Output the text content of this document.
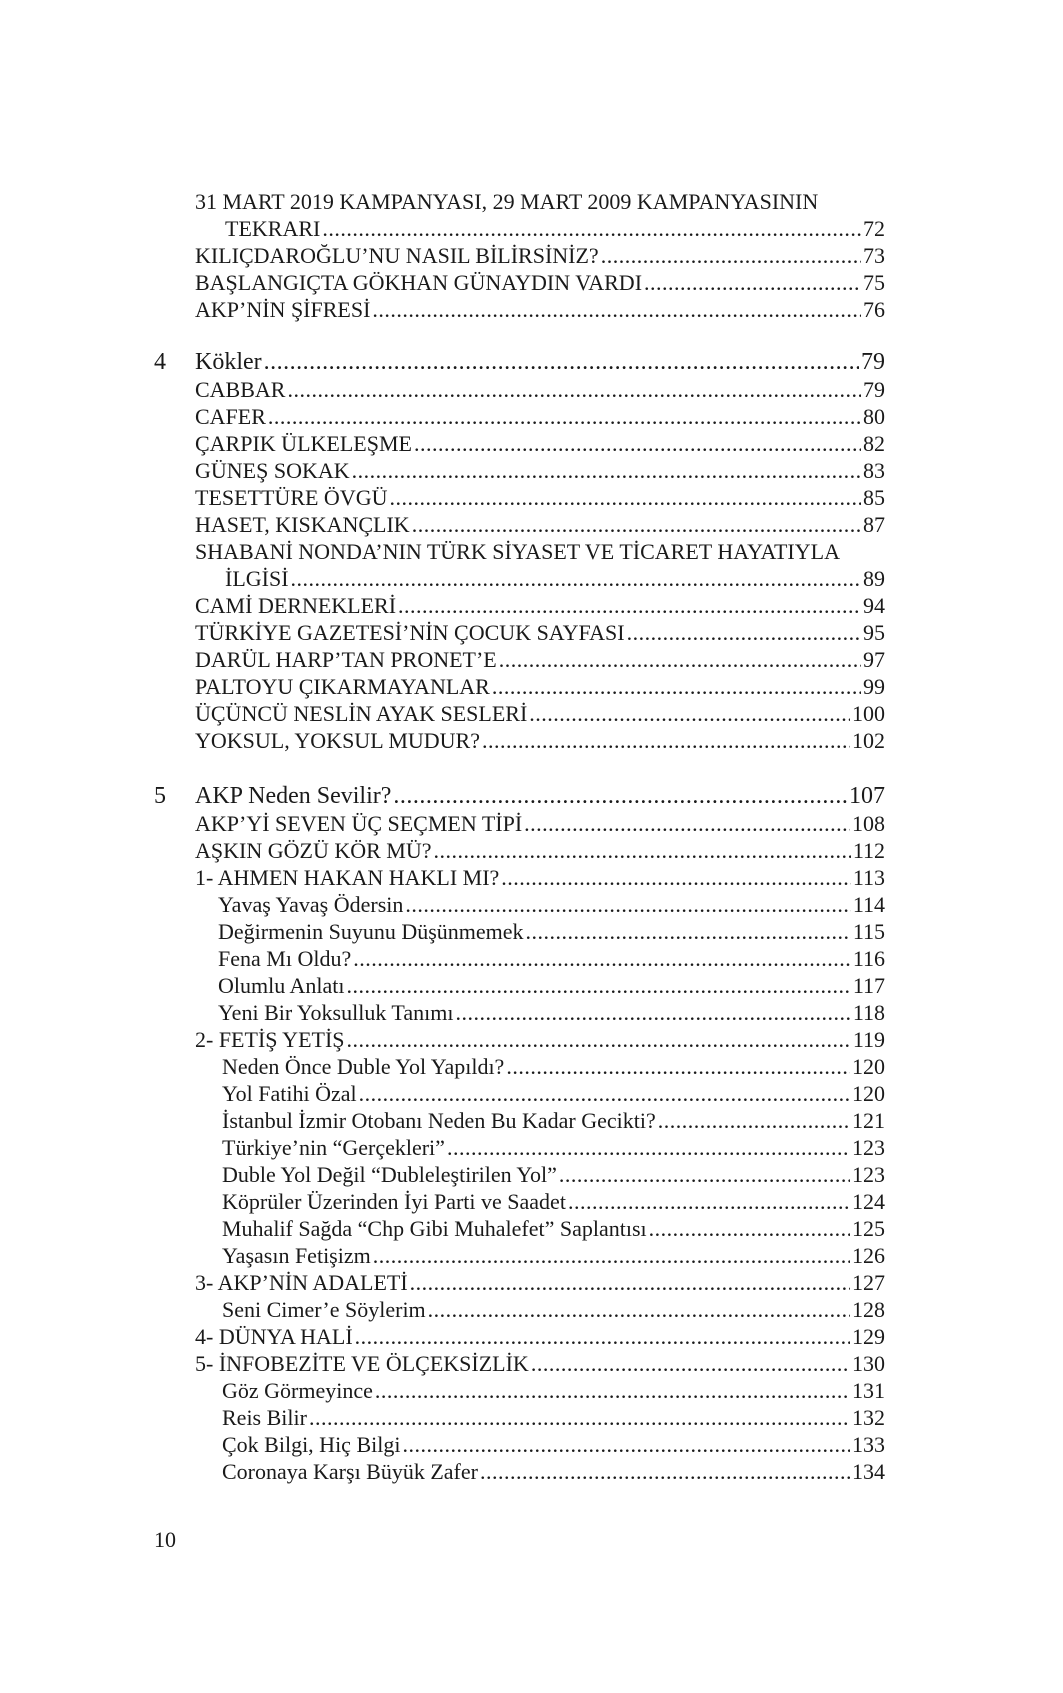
31 MART 2019 KAMPANYASI, 29 MART 2009 KAMPANYASININ
TEKRARI .....	72
KILIÇDAROĞLU’NU NASIL BİLİRSİNİZ? .....	73
BAŞLANGIÇTA GÖKHAN GÜNAYDIN VARDI .....	75
AKP’NİN ŞİFRESİ .....	76
4 Kökler .....	79
CABBAR .....	79
CAFER .....	80
ÇARPIK ÜLKELEŞME .....	82
GÜNEŞ SOKAK .....	83
TESETTÜRE ÖVGÜ .....	85
HASET, KISKANÇLIK .....	87
SHABANİ NONDA’NIN TÜRK SİYASET VE TİCARET HAYATIYLA
İLGİSİ .....	89
CAMİ DERNEKLERİ .....	94
TÜRKİYE GAZETESİ’NİN ÇOCUK SAYFASI .....	95
DARÜL HARP’TAN PRONET’E .....	97
PALTOYU ÇIKARMAYANLAR .....	99
ÜÇÜNCÜ NESLİN AYAK SESLERİ .....	100
YOKSUL, YOKSUL MUDUR? .....	102
5 AKP Neden Sevilir? .....	107
AKP’Yİ SEVEN ÜÇ SEÇMEN TİPİ .....	108
AŞKIN GÖZÜ KÖR MÜ? .....	112
1- AHMEN HAKAN HAKLI MI? .....	113
Yavaş Yavaş Ödersin .....	114
Değirmenin Suyunu Düşünmemek .....	115
Fena Mı Oldu? .....	116
Olumlu Anlatı .....	117
Yeni Bir Yoksulluk Tanımı .....	118
2- FETİŞ YETİŞ .....	119
Neden Önce Duble Yol Yapıldı? .....	120
Yol Fatihi Özal .....	120
İstanbul İzmir Otobanı Neden Bu Kadar Gecikti? .....	121
Türkiye’nin “Gerçekleri” .....	123
Duble Yol Değil “Dubleleştirilen Yol” .....	123
Köprüler Üzerinden İyi Parti ve Saadet .....	124
Muhalif Sağda “Chp Gibi Muhalefet” Saplantısı .....	125
Yaşasın Fetişizm .....	126
3- AKP’NİN ADALETİ .....	127
Seni Cimer’e Söylerim .....	128
4- DÜNYA HALİ .....	129
5- İNFOBEZİTE VE ÖLÇEKSİZLİK .....	130
Göz Görmeyince .....	131
Reis Bilir .....	132
Çok Bilgi, Hiç Bilgi .....	133
Coronaya Karşı Büyük Zafer .....	134
10
